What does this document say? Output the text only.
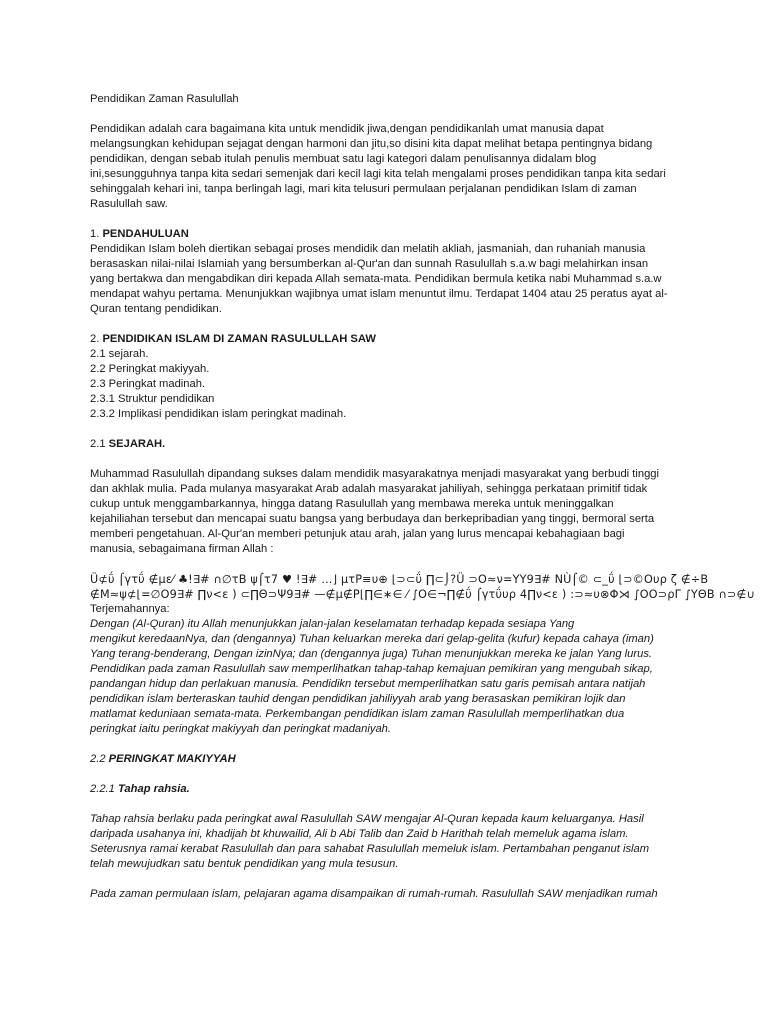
Pendidikan Zaman Rasulullah

Pendidikan adalah cara bagaimana kita untuk mendidik jiwa,dengan pendidikanlah umat manusia dapat

melangsungkan kehidupan sejagat dengan harmoni dan jitu,so disini kita dapat melihat betapa pentingnya bidang

pendidikan, dengan sebab itulah penulis membuat satu lagi kategori dalam penulisannya didalam blog

ini,sesungguhnya tanpa kita sedari semenjak dari kecil lagi kita telah mengalami proses pendidikan tanpa kita sedari

sehinggalah kehari ini, tanpa berlingah lagi, mari kita telusuri permulaan perjalanan pendidikan Islam di zaman

Rasulullah saw.

1. PENDAHULUAN

Pendidikan Islam boleh diertikan sebagai proses mendidik dan melatih akliah, jasmaniah, dan ruhaniah manusia

berasaskan nilai-nilai Islamiah yang bersumberkan al-Qur'an dan sunnah Rasulullah s.a.w bagi melahirkan insan

yang bertakwa dan mengabdikan diri kepada Allah semata-mata. Pendidikan bermula ketika nabi Muhammad s.a.w

mendapat wahyu pertama. Menunjukkan wajibnya umat islam menuntut ilmu. Terdapat 1404 atau 25 peratus ayat al-

Quran tentang pendidikan.

2. PENDIDIKAN ISLAM DI ZAMAN RASULULLAH SAW

2.1 sejarah.

2.2 Peringkat makiyyah.

2.3 Peringkat madinah.

2.3.1 Struktur pendidikan

2.3.2 Implikasi pendidikan islam peringkat madinah.

2.1 SEJARAH.

Muhammad Rasulullah dipandang sukses dalam mendidik masyarakatnya menjadi masyarakat yang berbudi tinggi

dan akhlak mulia. Pada mulanya masyarakat Arab adalah masyarakat jahiliyah, sehingga perkataan primitif tidak

cukup untuk menggambarkannya, hingga datang Rasulullah yang membawa mereka untuk meninggalkan

kejahiliahan tersebut dan mencapai suatu bangsa yang berbudaya dan berkepribadian yang tinggi, bermoral serta

memberi pengetahuan. Al-Qur'an memberi petunjuk atau arah, jalan yang lurus mencapai kebahagiaan bagi

manusia, sebagaimana firman Allah :

Ü⊄ΰ ⌠γτΰ ∉µε⁄ ♣!∃# ∩∅τΒ ψ⌠τ7 ♥ !∃# …⌋ µτΡ≡υ⊕ ⌊⊃⊂ΰ ∏⊂⌡?Ü ⊃Ο≈ν=ΥΥ9∃# ΝÙ⌠© ⊂_ΰ ⌊⊃©Ουρ ζ ∉÷Β

∉Μ≈ψ⊄⌊=∅Ο9∃# ∏ν<ε ) ⊂∏Θ⊃Ψ9∃# —∉µ∉Ρ⌊∏∈∗∈ ⁄ ∫Ο∈¬∏∉ΰ ⌠γτΰυρ 4∏ν<ε ) :⊃≈υ⊗Φ⋊ ∫ΟΟ⊃ρΓ ∫ΥΘΒ ∩⊃∉∪

Terjemahannya:

Dengan (Al-Quran) itu Allah menunjukkan jalan-jalan keselamatan terhadap kepada sesiapa Yang

mengikut keredaanNya, dan (dengannya) Tuhan keluarkan mereka dari gelap-gelita (kufur) kepada cahaya (iman)

Yang terang-benderang, Dengan izinNya; dan (dengannya juga) Tuhan menunjukkan mereka ke jalan Yang lurus.

Pendidikan pada zaman Rasulullah saw memperlihatkan tahap-tahap kemajuan pemikiran yang mengubah sikap,

pandangan hidup dan perlakuan manusia. Pendidikn tersebut memperlihatkan satu garis pemisah antara natijah

pendidikan islam berteraskan tauhid dengan pendidikan jahiliyyah arab yang berasaskan pemikiran lojik dan

matlamat keduniaan semata-mata. Perkembangan pendidikan islam zaman Rasulullah memperlihatkan dua

peringkat iaitu peringkat makiyyah dan peringkat madaniyah.

2.2 PERINGKAT MAKIYYAH

2.2.1 Tahap rahsia.

Tahap rahsia berlaku pada peringkat awal Rasulullah SAW mengajar Al-Quran kepada kaum keluarganya. Hasil

daripada usahanya ini, khadijah bt khuwailid, Ali b Abi Talib dan Zaid b Harithah telah memeluk agama islam.

Seterusnya ramai kerabat Rasulullah dan para sahabat Rasulullah memeluk islam. Pertambahan penganut islam

telah mewujudkan satu bentuk pendidikan yang mula tesusun.

Pada zaman permulaan islam, pelajaran agama disampaikan di rumah-rumah. Rasulullah SAW menjadikan rumah
